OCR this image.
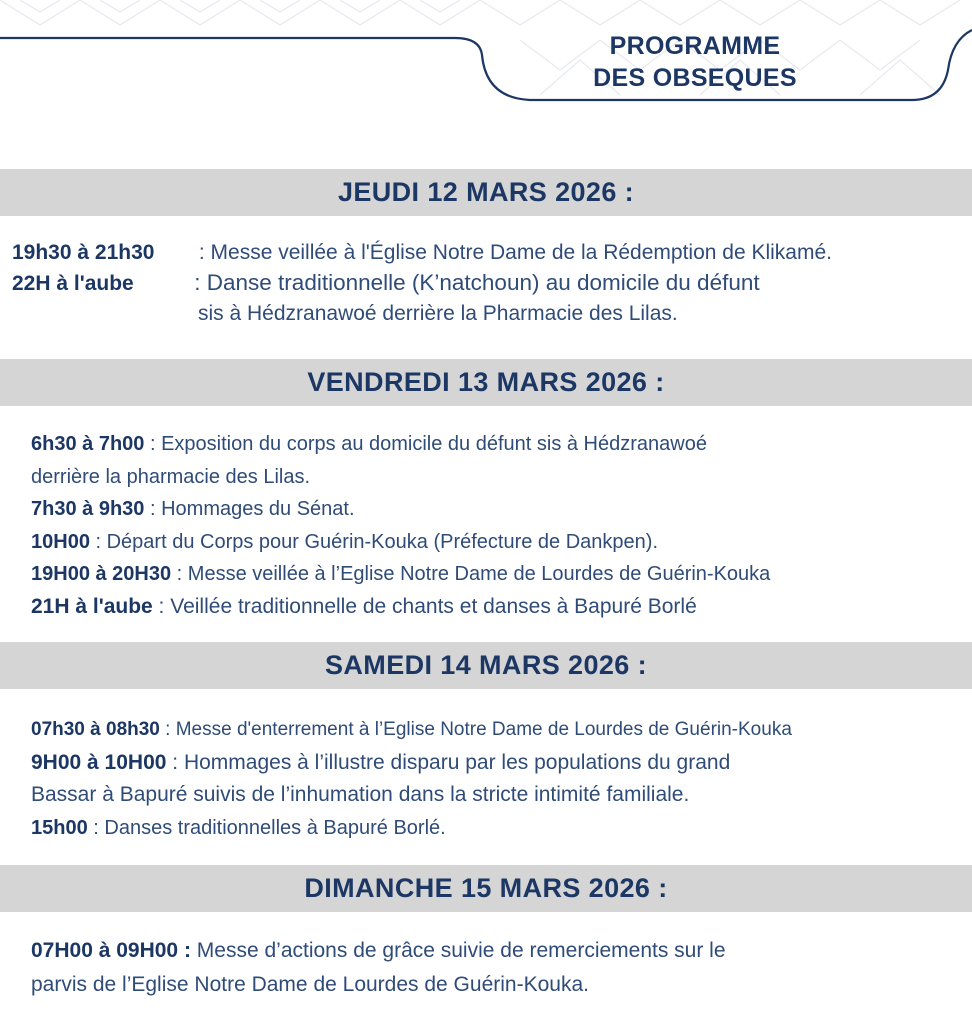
PROGRAMME
DES OBSEQUES
JEUDI 12 MARS 2026 :
19h30 à 21h30 : Messe veillée à l'Église Notre Dame de la Rédemption de Klikamé.
22H à l'aube : Danse traditionnelle (K’natchoun) au domicile du défunt
sis à Hédzranawoé derrière la Pharmacie des Lilas.
VENDREDI 13 MARS 2026 :
6h30 à 7h00 : Exposition du corps au domicile du défunt sis à Hédzranawoé
derrière la pharmacie des Lilas.
7h30 à 9h30 : Hommages du Sénat.
10H00 : Départ du Corps pour Guérin-Kouka (Préfecture de Dankpen).
19H00 à 20H30 : Messe veillée à l’Eglise Notre Dame de Lourdes de Guérin-Kouka
21H à l'aube : Veillée traditionnelle de chants et danses à Bapuré Borlé
SAMEDI 14 MARS 2026 :
07h30 à 08h30 : Messe d'enterrement à l’Eglise Notre Dame de Lourdes de Guérin-Kouka
9H00 à 10H00 : Hommages à l’illustre disparu par les populations du grand
Bassar à Bapuré suivis de l’inhumation dans la stricte intimité familiale.
15h00 : Danses traditionnelles à Bapuré Borlé.
DIMANCHE 15 MARS 2026 :
07H00 à 09H00 : Messe d’actions de grâce suivie de remerciements sur le
parvis de l’Eglise Notre Dame de Lourdes de Guérin-Kouka.
